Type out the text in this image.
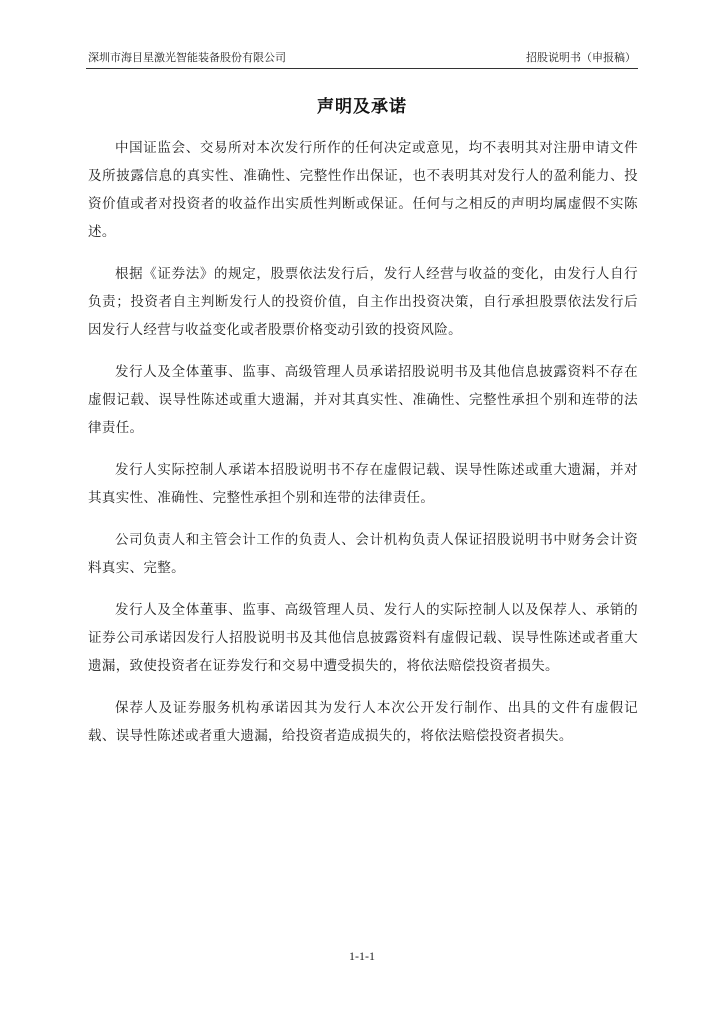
深圳市海目星激光智能装备股份有限公司	招股说明书（申报稿）
声明及承诺

中国证监会、交易所对本次发行所作的任何决定或意见，均不表明其对注册申请文件及所披露信息的真实性、准确性、完整性作出保证，也不表明其对发行人的盈利能力、投资价值或者对投资者的收益作出实质性判断或保证。任何与之相反的声明均属虚假不实陈述。

根据《证券法》的规定，股票依法发行后，发行人经营与收益的变化，由发行人自行负责；投资者自主判断发行人的投资价值，自主作出投资决策，自行承担股票依法发行后因发行人经营与收益变化或者股票价格变动引致的投资风险。

发行人及全体董事、监事、高级管理人员承诺招股说明书及其他信息披露资料不存在虚假记载、误导性陈述或重大遗漏，并对其真实性、准确性、完整性承担个别和连带的法律责任。

发行人实际控制人承诺本招股说明书不存在虚假记载、误导性陈述或重大遗漏，并对其真实性、准确性、完整性承担个别和连带的法律责任。

公司负责人和主管会计工作的负责人、会计机构负责人保证招股说明书中财务会计资料真实、完整。

发行人及全体董事、监事、高级管理人员、发行人的实际控制人以及保荐人、承销的证券公司承诺因发行人招股说明书及其他信息披露资料有虚假记载、误导性陈述或者重大遗漏，致使投资者在证券发行和交易中遭受损失的，将依法赔偿投资者损失。

保荐人及证券服务机构承诺因其为发行人本次公开发行制作、出具的文件有虚假记载、误导性陈述或者重大遗漏，给投资者造成损失的，将依法赔偿投资者损失。

1-1-1
